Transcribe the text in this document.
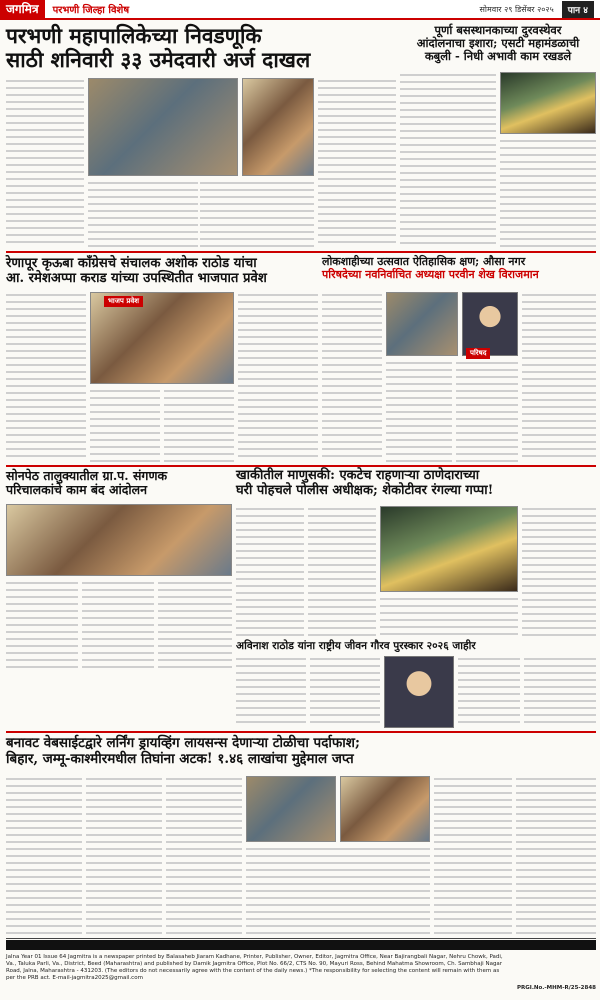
जगमित्र	परभणी जिल्हा विशेष	सोमवार २९ डिसेंबर २०२५	पान ४
परभणी महापालिकेच्या निवडणूकि
साठी शनिवारी ३३ उमेदवारी अर्ज दाखल
पूर्णा बसस्थानकाच्या दुरवस्थेवर
आंदोलनाचा इशारा; एसटी महामंडळाची
कबुली - निधी अभावी काम रखडले
रेणापूर कृऊबा काँग्रेसचे संचालक अशोक राठोड यांचा
आ. रमेशअप्पा कराड यांच्या उपस्थितीत भाजपात प्रवेश
भाजप प्रवेश
लोकशाहीच्या उत्सवात ऐतिहासिक क्षण; औसा नगर
परिषदेच्या नवनिर्वाचित अध्यक्षा परवीन शेख विराजमान
परिषद
सोनपेठ तालुक्यातील ग्रा.प. संगणक
परिचालकांचे काम बंद आंदोलन
खाकीतील माणुसकी: एकटेच राहणाऱ्या ठाणेदाराच्या
घरी पोहचले पोलीस अधीक्षक; शेकोटीवर रंगल्या गप्पा!
अविनाश राठोड यांना राष्ट्रीय जीवन गौरव पुरस्कार २०२६ जाहीर
बनावट वेबसाईटद्वारे लर्निंग ड्रायव्हिंग लायसन्स देणाऱ्या टोळीचा पर्दाफाश;
बिहार, जम्मू-काश्मीरमधील तिघांना अटक! १.४६ लाखांचा मुद्देमाल जप्त
Jalna Year 01 Issue 64 Jagmitra is a newspaper printed by Balasaheb Jiaram Kadhane, Printer, Publisher, Owner, Editor, Jagmitra Office, Near Bajirangbali Nagar, Nehru Chowk, Padi, Va., Taluka Parli, Va., District, Beed (Maharashtra) and published by Damik Jagmitra Office, Plot No. 66/2, CTS No. 90, Mayuri Ross, Behind Mahatma Showroom, Ch. Sambhaji Nagar Road, Jalna, Maharashtra - 431203. (The editors do not necessarily agree with the content of the daily news.) *The responsibility for selecting the content will remain with them as per the PRB act. E-mail-jagmitra2025@gmail.com
PRGI.No.-MHM-R/25-2848
